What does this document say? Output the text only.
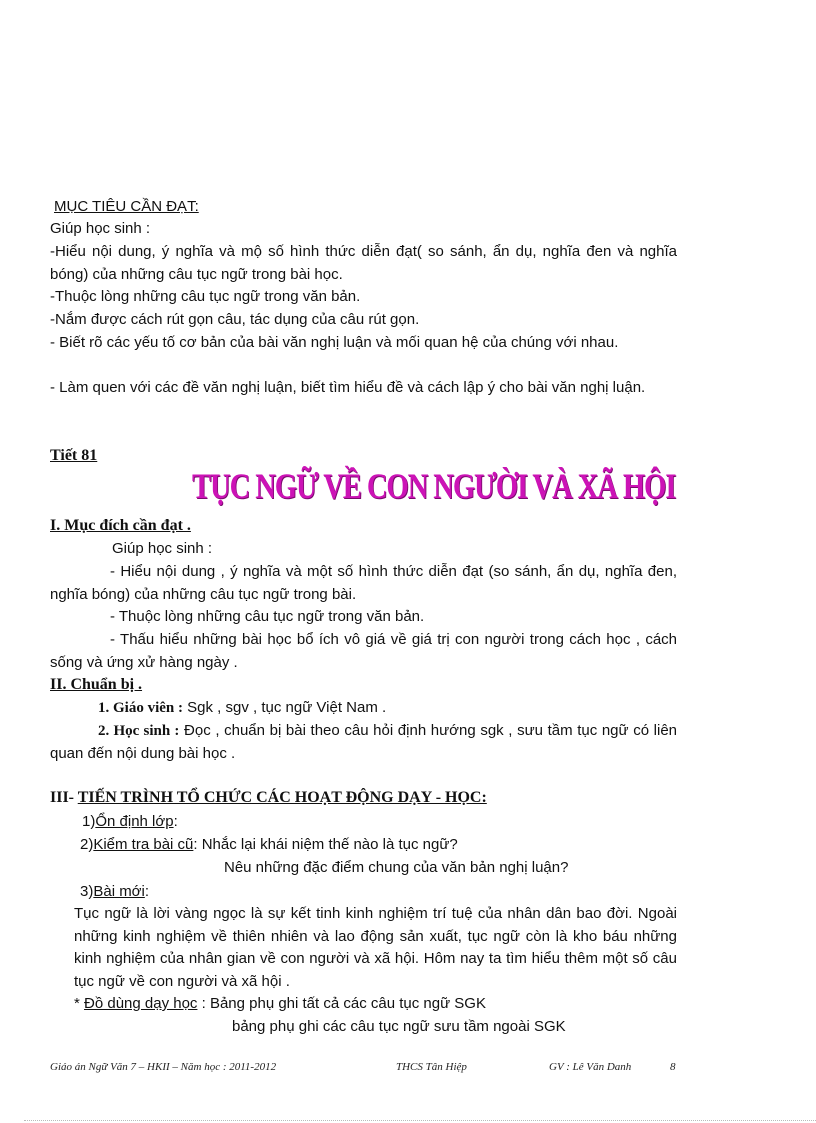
MỤC TIÊU CẦN ĐẠT:
Giúp học sinh :
-Hiểu nội dung, ý nghĩa và mộ số hình thức diễn đạt( so sánh, ẩn dụ, nghĩa đen và nghĩa bóng) của những câu tục ngữ trong bài học.
-Thuộc lòng những câu tục ngữ trong văn bản.
-Nắm được cách rút gọn câu, tác dụng của câu rút gọn.
- Biết rõ các yếu tố cơ bản của bài văn nghị luận và mối quan hệ của chúng với nhau.
- Làm quen với các đề văn nghị luận, biết tìm hiểu đề và cách lập ý cho bài văn nghị luận.
Tiết 81
TỤC NGỮ VỀ CON NGƯỜI VÀ XÃ HỘI
I. Mục đích cần đạt .
Giúp học sinh :
- Hiểu nội dung , ý nghĩa và một số hình thức diễn đạt (so sánh, ẩn dụ, nghĩa đen, nghĩa bóng) của những câu tục ngữ trong bài.
- Thuộc lòng những câu tục ngữ trong văn bản.
- Thấu hiểu những bài học bổ ích vô giá về giá trị con người trong cách học , cách sống và ứng xử hàng ngày .
II. Chuẩn bị .
1. Giáo viên : Sgk , sgv , tục ngữ Việt Nam .
2. Học sinh : Đọc , chuẩn bị bài theo câu hỏi định hướng sgk , sưu tầm tục ngữ có liên quan đến nội dung bài học .
III- TIẾN TRÌNH TỔ CHỨC CÁC HOẠT ĐỘNG DẠY - HỌC:
1)Ổn định lớp:
2)Kiểm tra bài cũ: Nhắc lại khái niệm thế nào là tục ngữ?
Nêu những đặc điểm chung của văn bản nghị luận?
3)Bài mới:
Tục ngữ là lời vàng ngọc là sự kết tinh kinh nghiệm trí tuệ của nhân dân bao đời. Ngoài những kinh nghiệm về thiên nhiên và lao động sản xuất, tục ngữ còn là kho báu những kinh nghiệm của nhân gian về con người và xã hội. Hôm nay ta tìm hiểu thêm một số câu tục ngữ về con người và xã hội .
* Đồ dùng dạy học : Bảng phụ ghi tất cả các câu tục ngữ SGK
bảng phụ ghi các câu tục ngữ sưu tầm ngoài SGK
Giáo án Ngữ Văn 7 – HKII – Năm học : 2011-2012	THCS Tân Hiệp	GV : Lê Văn Danh	8
